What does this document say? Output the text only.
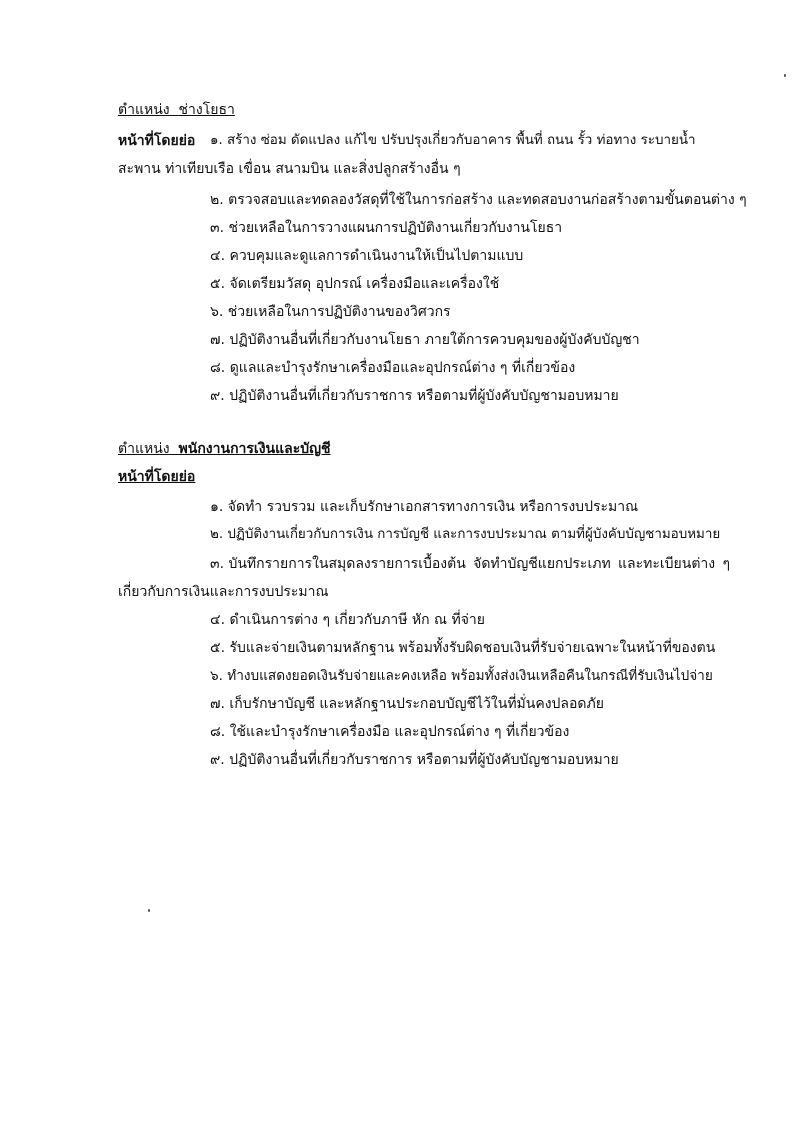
ตำแหน่ง ช่างโยธา
หน้าที่โดยย่อ ๑. สร้าง ซ่อม ดัดแปลง แก้ไข ปรับปรุงเกี่ยวกับอาคาร พื้นที่ ถนน รั้ว ท่อทาง ระบายน้ำ
สะพาน ท่าเทียบเรือ เขื่อน สนามบิน และสิ่งปลูกสร้างอื่น ๆ
๒. ตรวจสอบและทดลองวัสดุที่ใช้ในการก่อสร้าง และทดสอบงานก่อสร้างตามขั้นตอนต่าง ๆ
๓. ช่วยเหลือในการวางแผนการปฏิบัติงานเกี่ยวกับงานโยธา
๔. ควบคุมและดูแลการดำเนินงานให้เป็นไปตามแบบ
๕. จัดเตรียมวัสดุ อุปกรณ์ เครื่องมือและเครื่องใช้
๖. ช่วยเหลือในการปฏิบัติงานของวิศวกร
๗. ปฏิบัติงานอื่นที่เกี่ยวกับงานโยธา ภายใต้การควบคุมของผู้บังคับบัญชา
๘. ดูแลและบำรุงรักษาเครื่องมือและอุปกรณ์ต่าง ๆ ที่เกี่ยวข้อง
๙. ปฏิบัติงานอื่นที่เกี่ยวกับราชการ หรือตามที่ผู้บังคับบัญชามอบหมาย
ตำแหน่ง พนักงานการเงินและบัญชี
หน้าที่โดยย่อ
๑. จัดทำ รวบรวม และเก็บรักษาเอกสารทางการเงิน หรือการงบประมาณ
๒. ปฏิบัติงานเกี่ยวกับการเงิน การบัญชี และการงบประมาณ ตามที่ผู้บังคับบัญชามอบหมาย
๓. บันทึกรายการในสมุดลงรายการเบื้องต้น จัดทำบัญชีแยกประเภท และทะเบียนต่าง ๆ
เกี่ยวกับการเงินและการงบประมาณ
๔. ดำเนินการต่าง ๆ เกี่ยวกับภาษี หัก ณ ที่จ่าย
๕. รับและจ่ายเงินตามหลักฐาน พร้อมทั้งรับผิดชอบเงินที่รับจ่ายเฉพาะในหน้าที่ของตน
๖. ทำงบแสดงยอดเงินรับจ่ายและคงเหลือ พร้อมทั้งส่งเงินเหลือคืนในกรณีที่รับเงินไปจ่าย
๗. เก็บรักษาบัญชี และหลักฐานประกอบบัญชีไว้ในที่มั่นคงปลอดภัย
๘. ใช้และบำรุงรักษาเครื่องมือ และอุปกรณ์ต่าง ๆ ที่เกี่ยวข้อง
๙. ปฏิบัติงานอื่นที่เกี่ยวกับราชการ หรือตามที่ผู้บังคับบัญชามอบหมาย
